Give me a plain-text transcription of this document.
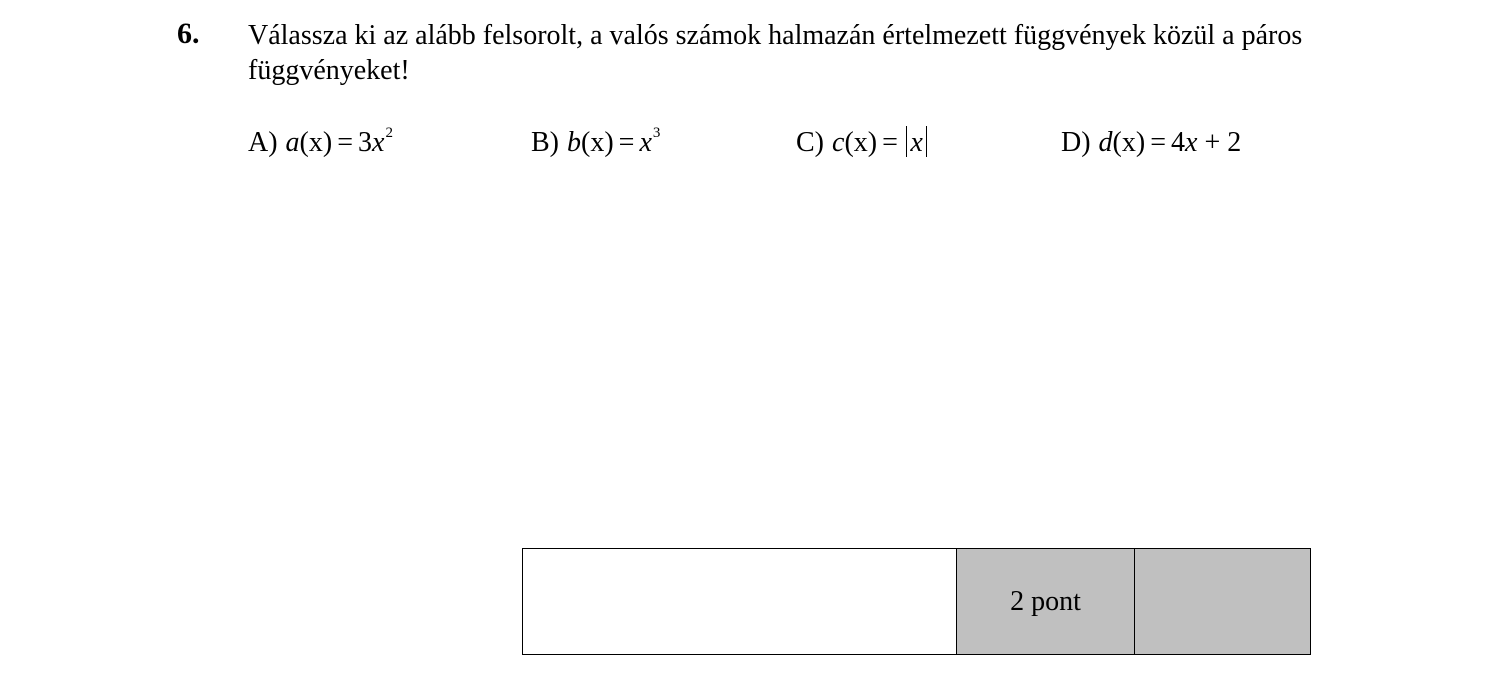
6. Válassza ki az alább felsorolt, a valós számok halmazán értelmezett függvények közül a páros függvényeket!
A) $a(x) = 3x^2$	B) $b(x) = x^3$	C) c(x) = x	D) d(x) = 4x + 2
2 pont
